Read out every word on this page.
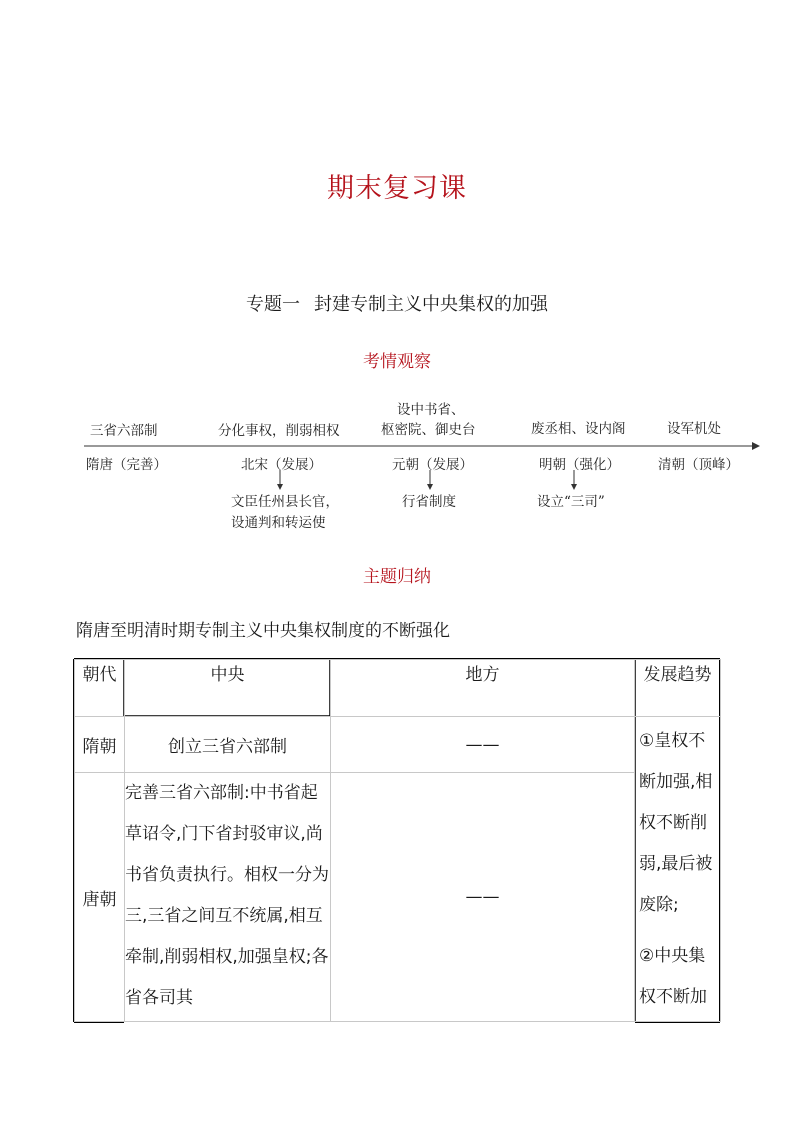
期末复习课
专题一 封建专制主义中央集权的加强
考情观察
三省六部制	分化事权，削弱相权
设中书省、
枢密院、御史台	废丞相、设内阁	设军机处
隋唐（完善）	北宋（发展）	元朝（发展）	明朝（强化）	清朝（顶峰）
文臣任州县长官，
设通判和转运使
行省制度	设立“三司”
主题归纳
隋唐至明清时期专制主义中央集权制度的不断强化
朝代	中央	地方	发展趋势
隋朝	创立三省六部制	——	①皇权不断加强,相权不断削弱,最后被废除;
②中央集权不断加

唐朝	完善三省六部制:中书省起草诏令,门下省封驳审议,尚书省负责执行。相权一分为三,三省之间互不统属,相互牵制,削弱相权,加强皇权;各省各司其	——	
